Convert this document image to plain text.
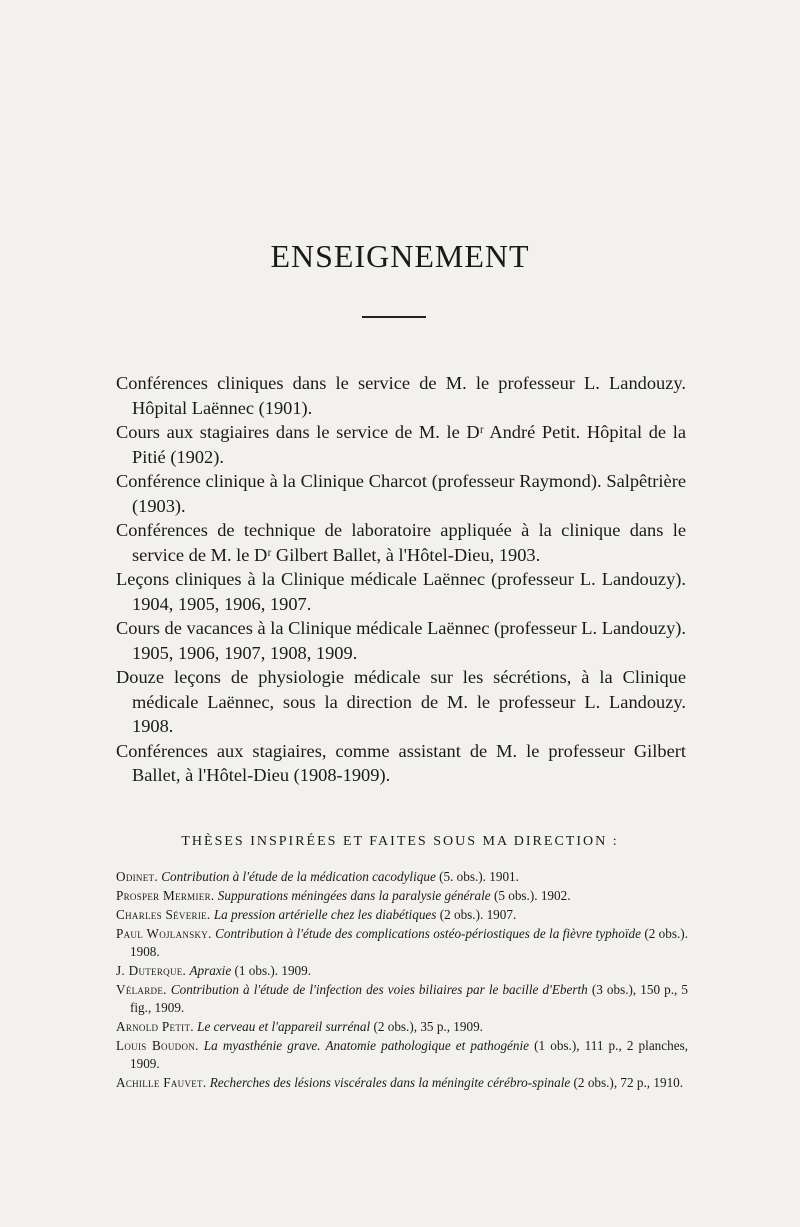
ENSEIGNEMENT

Conférences cliniques dans le service de M. le professeur L. Landouzy. Hôpital Laënnec (1901).

Cours aux stagiaires dans le service de M. le Dʳ André Petit. Hôpital de la Pitié (1902).

Conférence clinique à la Clinique Charcot (professeur Raymond). Salpêtrière (1903).

Conférences de technique de laboratoire appliquée à la clinique dans le service de M. le Dʳ Gilbert Ballet, à l'Hôtel-Dieu, 1903.

Leçons cliniques à la Clinique médicale Laënnec (professeur L. Landouzy). 1904, 1905, 1906, 1907.

Cours de vacances à la Clinique médicale Laënnec (professeur L. Landouzy). 1905, 1906, 1907, 1908, 1909.

Douze leçons de physiologie médicale sur les sécrétions, à la Clinique médicale Laënnec, sous la direction de M. le professeur L. Landouzy. 1908.

Conférences aux stagiaires, comme assistant de M. le professeur Gilbert Ballet, à l'Hôtel-Dieu (1908-1909).

THÈSES INSPIRÉES ET FAITES SOUS MA DIRECTION :

Odinet. Contribution à l'étude de la médication cacodylique (5. obs.). 1901.

Prosper Mermier. Suppurations méningées dans la paralysie générale (5 obs.). 1902.

Charles Séverie. La pression artérielle chez les diabétiques (2 obs.). 1907.

Paul Wojlansky. Contribution à l'étude des complications ostéo-périostiques de la fièvre typhoïde (2 obs.). 1908.

J. Duterque. Apraxie (1 obs.). 1909.

Vélarde. Contribution à l'étude de l'infection des voies biliaires par le bacille d'Eberth (3 obs.), 150 p., 5 fig., 1909.

Arnold Petit. Le cerveau et l'appareil surrénal (2 obs.), 35 p., 1909.

Louis Boudon. La myasthénie grave. Anatomie pathologique et pathogénie (1 obs.), 111 p., 2 planches, 1909.

Achille Fauvet. Recherches des lésions viscérales dans la méningite cérébro-spinale (2 obs.), 72 p., 1910.
